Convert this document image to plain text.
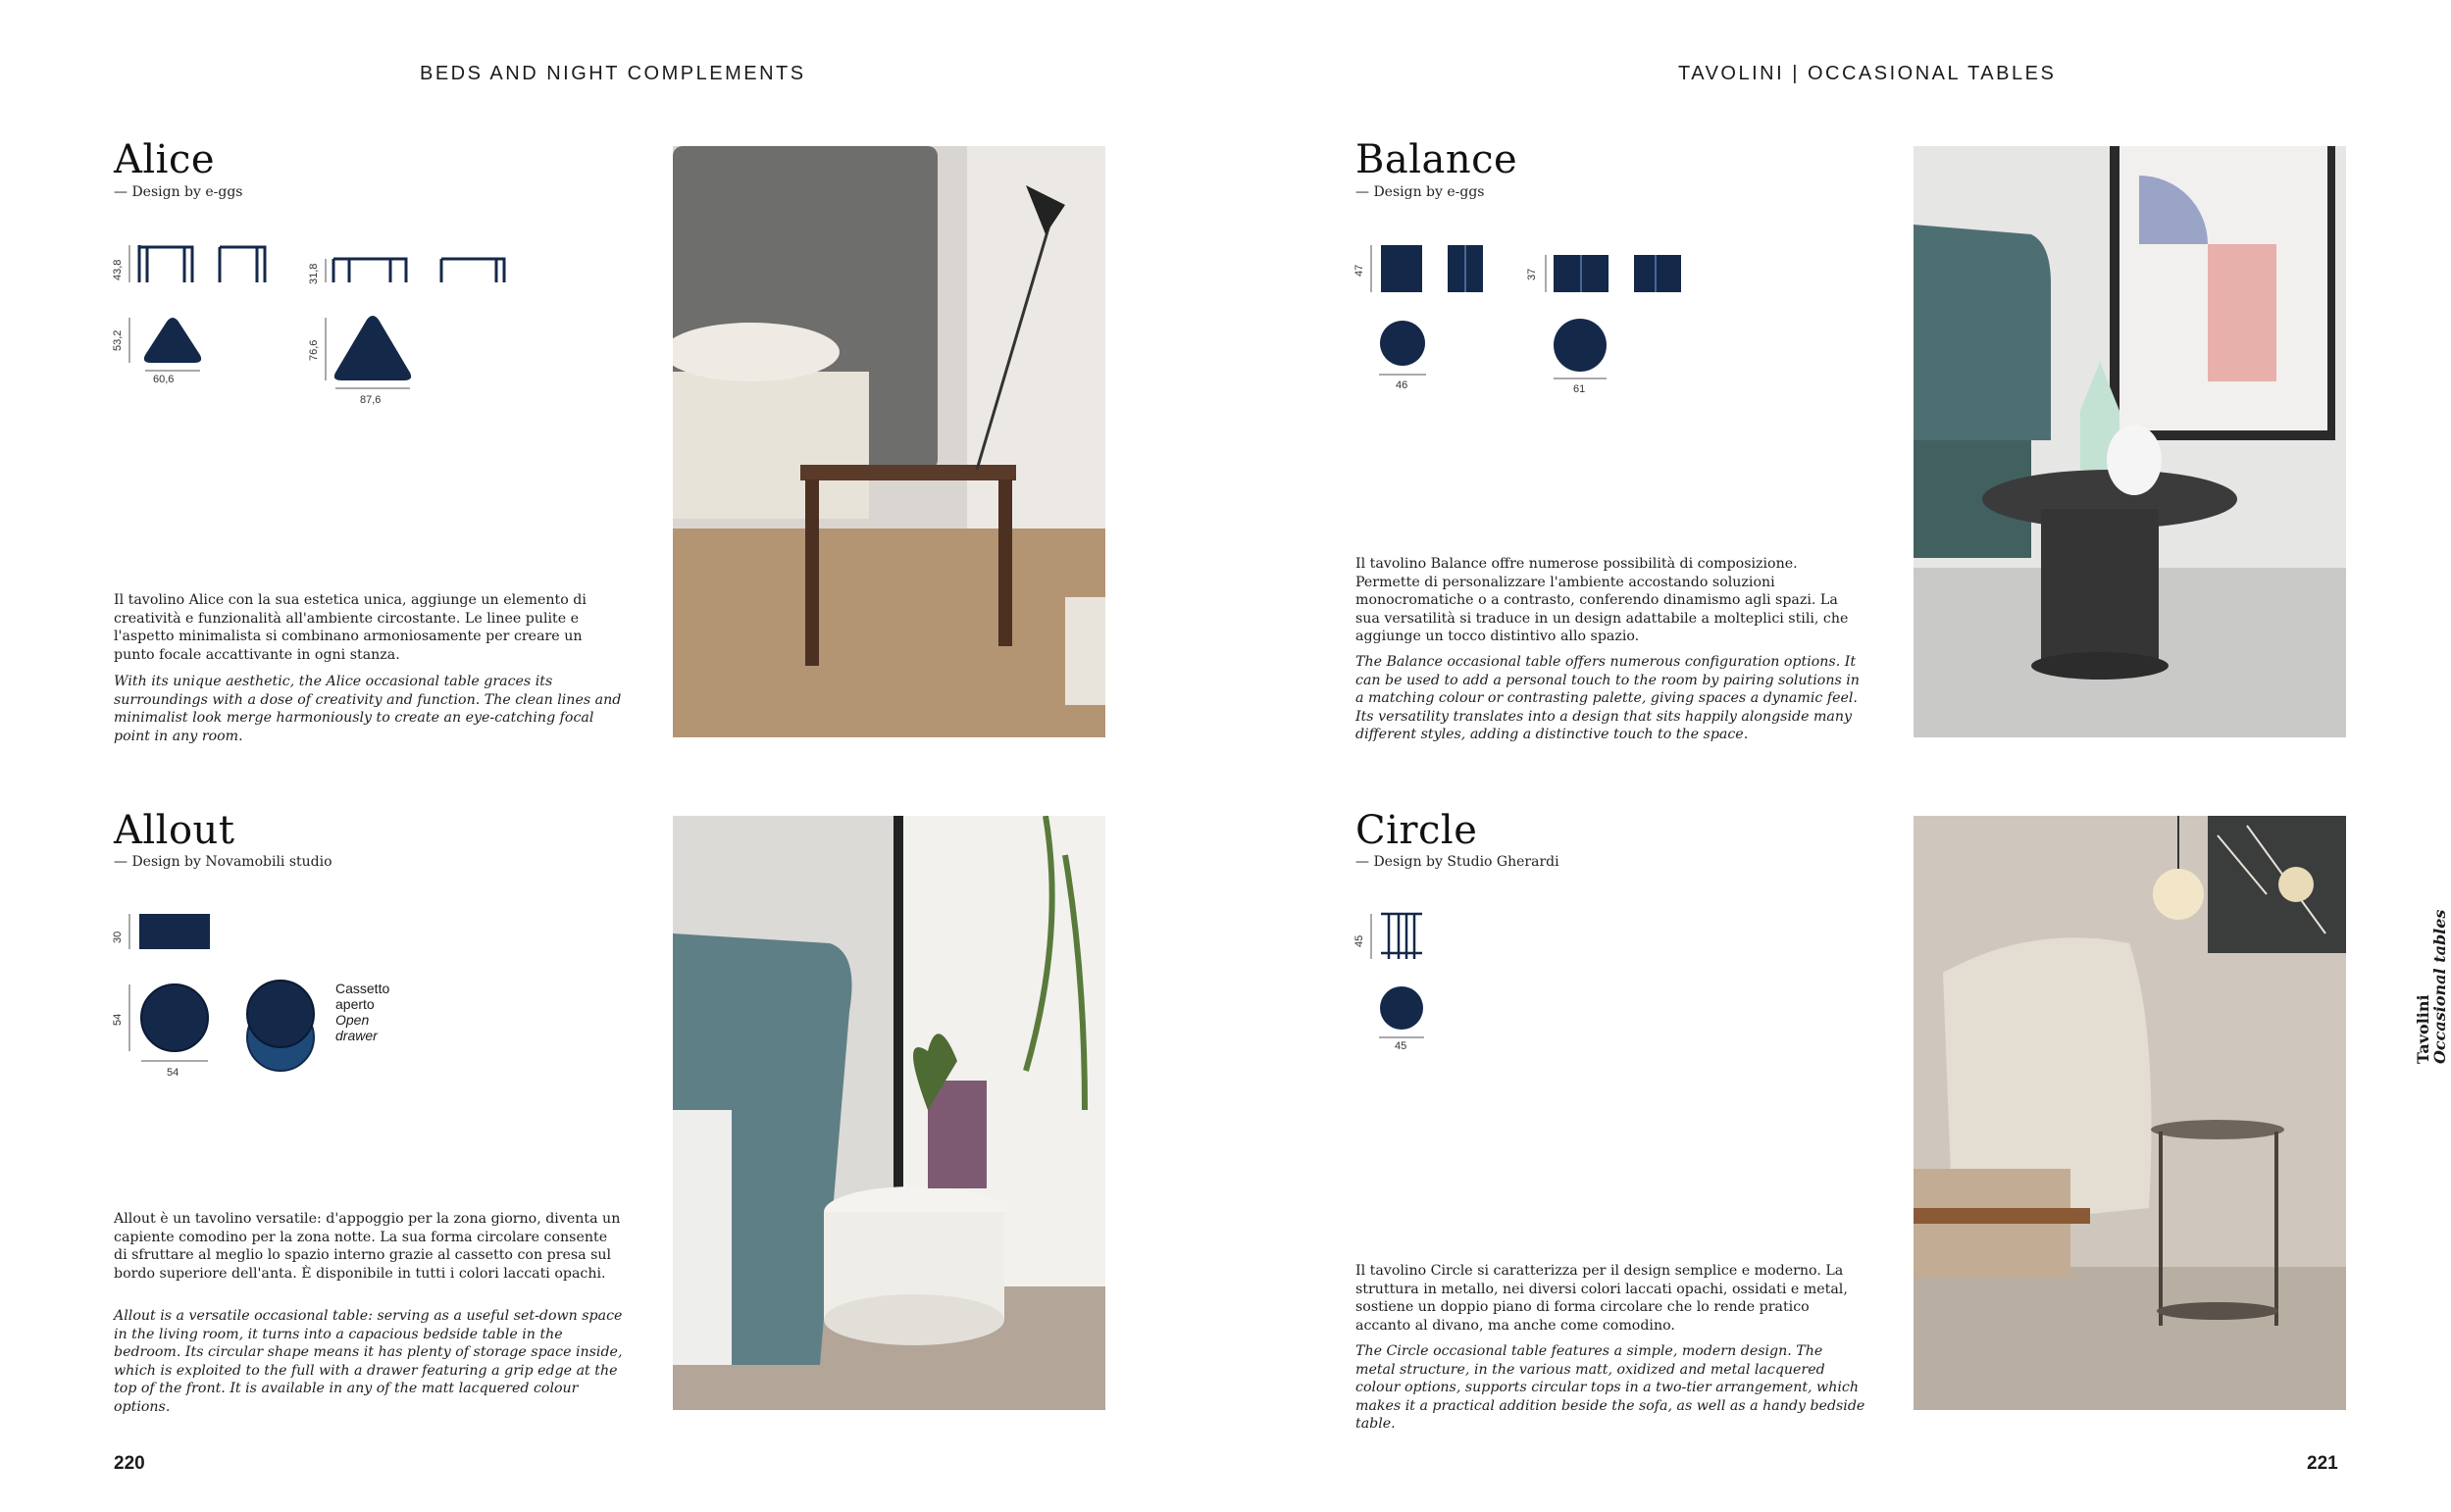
BEDS AND NIGHT COMPLEMENTS	TAVOLINI | OCCASIONAL TABLES
Alice
— Design by e-ggs
43,8	31,8
53,2	76,6
60,6
87,6
Il tavolino Alice con la sua estetica unica, aggiunge un elemento di creatività e funzionalità all'ambiente circostante. Le linee pulite e l'aspetto minimalista si combinano armoniosamente per creare un punto focale accattivante in ogni stanza.
With its unique aesthetic, the Alice occasional table graces its surroundings with a dose of creativity and function. The clean lines and minimalist look merge harmoniously to create an eye-catching focal point in any room.
Allout
— Design by Novamobili studio
30
54
54
Cassetto
aperto
Open
drawer
Allout è un tavolino versatile: d'appoggio per la zona giorno, diventa un capiente comodino per la zona notte. La sua forma circolare consente di sfruttare al meglio lo spazio interno grazie al cassetto con presa sul bordo superiore dell'anta. È disponibile in tutti i colori laccati opachi.
Allout is a versatile occasional table: serving as a useful set-down space in the living room, it turns into a capacious bedside table in the bedroom. Its circular shape means it has plenty of storage space inside, which is exploited to the full with a drawer featuring a grip edge at the top of the front. It is available in any of the matt lacquered colour options.
Balance
— Design by e-ggs
47	37
46	61
Il tavolino Balance offre numerose possibilità di composizione. Permette di personalizzare l'ambiente accostando soluzioni monocromatiche o a contrasto, conferendo dinamismo agli spazi. La sua versatilità si traduce in un design adattabile a molteplici stili, che aggiunge un tocco distintivo allo spazio.
The Balance occasional table offers numerous configuration options. It can be used to add a personal touch to the room by pairing solutions in a matching colour or contrasting palette, giving spaces a dynamic feel. Its versatility translates into a design that sits happily alongside many different styles, adding a distinctive touch to the space.
Circle
— Design by Studio Gherardi
45
45
Il tavolino Circle si caratterizza per il design semplice e moderno. La struttura in metallo, nei diversi colori laccati opachi, ossidati e metal, sostiene un doppio piano di forma circolare che lo rende pratico accanto al divano, ma anche come comodino.
The Circle occasional table features a simple, modern design. The metal structure, in the various matt, oxidized and metal lacquered colour options, supports circular tops in a two-tier arrangement, which makes it a practical addition beside the sofa, as well as a handy bedside table.
Tavolini
Occasional tables
220	221
